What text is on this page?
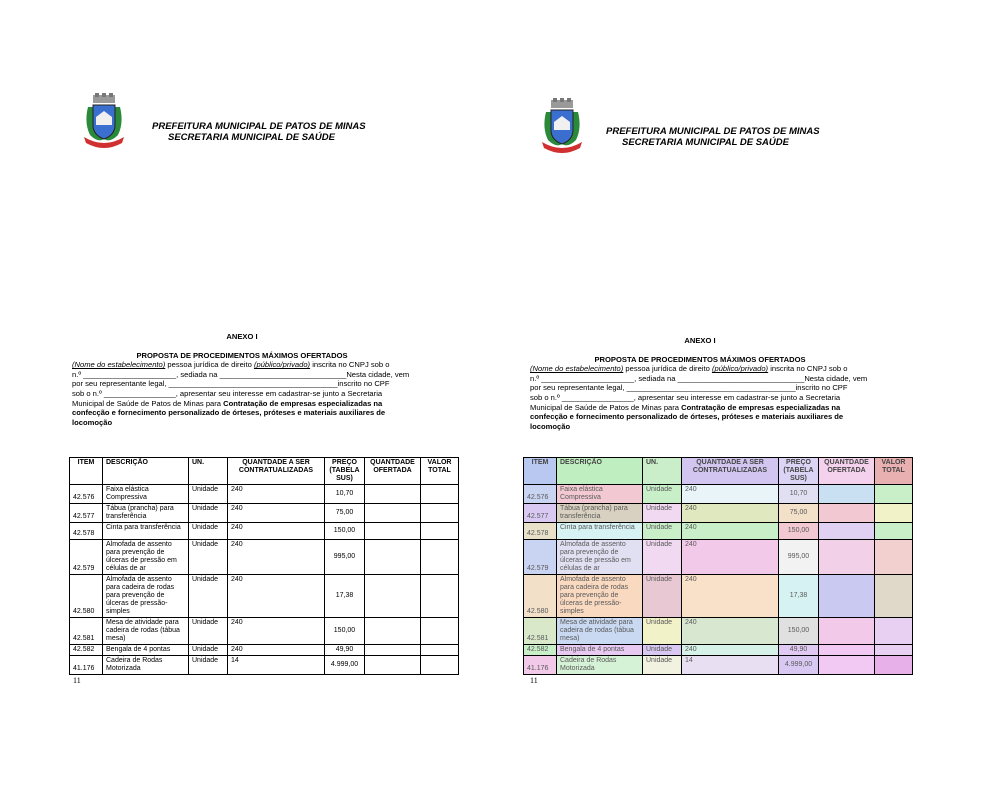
PREFEITURA MUNICIPAL DE PATOS DE MINAS
SECRETARIA MUNICIPAL DE SAÚDE
ANEXO I
PROPOSTA DE PROCEDIMENTOS MÁXIMOS OFERTADOS
(Nome do estabelecimento) pessoa jurídica de direito (público/privado) inscrita no CNPJ sob o
n.º ______________________, sediada na ______________________________Nesta cidade, vem
por seu representante legal, ________________________________________inscrito no CPF
sob o n.º _________________, apresentar seu interesse em cadastrar-se junto a Secretaria
Municipal de Saúde de Patos de Minas para Contratação de empresas especializadas na confecção e fornecimento personalizado de órteses, próteses e materiais auxiliares de locomoção
ITEM	DESCRIÇÃO	UN.	QUANTDADE A SER CONTRATUALIZADAS	PREÇO (TABELA SUS)	QUANTDADE OFERTADA	VALOR TOTAL
42.576	Faixa elástica Compressiva	Unidade	240	10,70		
42.577	Tábua (prancha) para transferência	Unidade	240	75,00		
42.578	Cinta para transferência	Unidade	240	150,00		
42.579	Almofada de assento para prevenção de úlceras de pressão em células de ar	Unidade	240	995,00		
42.580	Almofada de assento para cadeira de rodas para prevenção de úlceras de pressão-simples	Unidade	240	17,38		
42.581	Mesa de atividade para cadeira de rodas (tábua mesa)	Unidade	240	150,00		
42.582	Bengala de 4 pontas	Unidade	240	49,90		
41.176	Cadeira de Rodas Motorizada	Unidade	14	4.999,00		
11
PREFEITURA MUNICIPAL DE PATOS DE MINAS
SECRETARIA MUNICIPAL DE SAÚDE
ANEXO I
PROPOSTA DE PROCEDIMENTOS MÁXIMOS OFERTADOS
(Nome do estabelecimento) pessoa jurídica de direito (público/privado) inscrita no CNPJ sob o
n.º ______________________, sediada na ______________________________Nesta cidade, vem
por seu representante legal, ________________________________________inscrito no CPF
sob o n.º _________________, apresentar seu interesse em cadastrar-se junto a Secretaria
Municipal de Saúde de Patos de Minas para Contratação de empresas especializadas na confecção e fornecimento personalizado de órteses, próteses e materiais auxiliares de locomoção
ITEM	DESCRIÇÃO	UN.	QUANTDADE A SER CONTRATUALIZADAS	PREÇO (TABELA SUS)	QUANTDADE OFERTADA	VALOR TOTAL
42.576	Faixa elástica Compressiva	Unidade	240	10,70		
42.577	Tábua (prancha) para transferência	Unidade	240	75,00		
42.578	Cinta para transferência	Unidade	240	150,00		
42.579	Almofada de assento para prevenção de úlceras de pressão em células de ar	Unidade	240	995,00		
42.580	Almofada de assento para cadeira de rodas para prevenção de úlceras de pressão-simples	Unidade	240	17,38		
42.581	Mesa de atividade para cadeira de rodas (tábua mesa)	Unidade	240	150,00		
42.582	Bengala de 4 pontas	Unidade	240	49,90		
41.176	Cadeira de Rodas Motorizada	Unidade	14	4.999,00		
11
